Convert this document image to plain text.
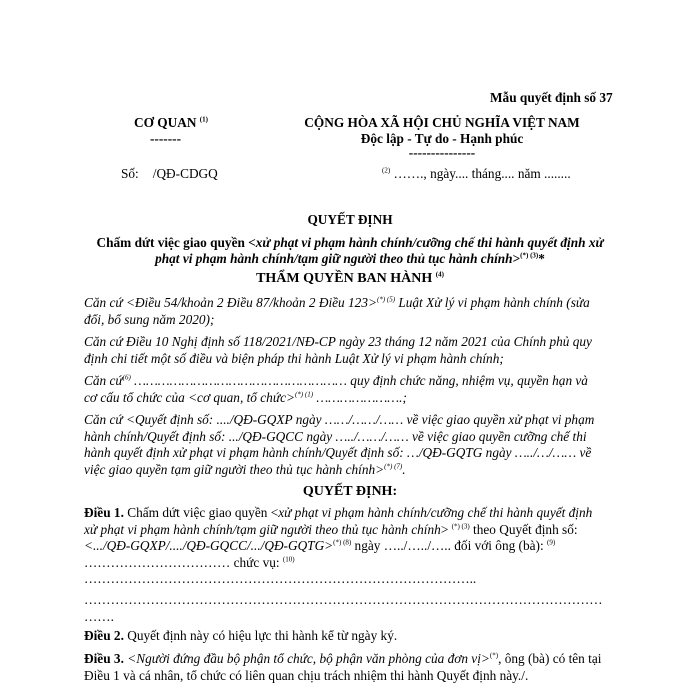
Mẫu quyết định số 37
CƠ QUAN $^{(1)}$
-------
CỘNG HÒA XÃ HỘI CHỦ NGHĨA VIỆT NAM
Độc lập - Tự do - Hạnh phúc
---------------
Số: /QĐ-CDGQ	$^{(2)}$ ……., ngày.... tháng.... năm ........
QUYẾT ĐỊNH
Chấm dứt việc giao quyền <xử phạt vi phạm hành chính/cưỡng chế thi hành quyết định xử
phạt vi phạm hành chính/tạm giữ người theo thủ tục hành chính>$^{(*) (3)}$*
THẨM QUYỀN BAN HÀNH $^{(4)}$
Căn cứ <Điều 54/khoản 2 Điều 87/khoản 2 Điều 123>$^{(*) (5)}$ Luật Xử lý vi phạm hành chính (sửa
đổi, bổ sung năm 2020);
Căn cứ Điều 10 Nghị định số 118/2021/NĐ-CP ngày 23 tháng 12 năm 2021 của Chính phủ quy
định chi tiết một số điều và biện pháp thi hành Luật Xử lý vi phạm hành chính;
Căn cứ$^{(6)}$ ……………………………………………… quy định chức năng, nhiệm vụ, quyền hạn và
cơ cấu tổ chức của <cơ quan, tổ chức>$^{(*) (1)}$ ………………….;
Căn cứ <Quyết định số: ..../QĐ-GQXP ngày ……/……/…… về việc giao quyền xử phạt vi phạm
hành chính/Quyết định số: .../QĐ-GQCC ngày …../……/…… về việc giao quyền cưỡng chế thi
hành quyết định xử phạt vi phạm hành chính/Quyết định số: …/QĐ-GQTG ngày …../…/…… về
việc giao quyền tạm giữ người theo thủ tục hành chính>$^{(*) (7)}$.
QUYẾT ĐỊNH:
Điều 1. Chấm dứt việc giao quyền <xử phạt vi phạm hành chính/cưỡng chế thi hành quyết định
xử phạt vi phạm hành chính/tạm giữ người theo thủ tục hành chính> $^{(*) (3)}$ theo Quyết định số:
<.../QĐ-GQXP/..../QĐ-GQCC/.../QĐ-GQTG>$^{(*) (8)}$ ngày …../…../….. đối với ông (bà): $^{(9)}$
…………………………… chức vụ: $^{(10)}$
……………………………………………………………………………..
………………………………………………………………………………………………………
…….
Điều 2. Quyết định này có hiệu lực thi hành kể từ ngày ký.
Điều 3. <Người đứng đầu bộ phận tổ chức, bộ phận văn phòng của đơn vị>(*), ông (bà) có tên tại
Điều 1 và cá nhân, tổ chức có liên quan chịu trách nhiệm thi hành Quyết định này./.
